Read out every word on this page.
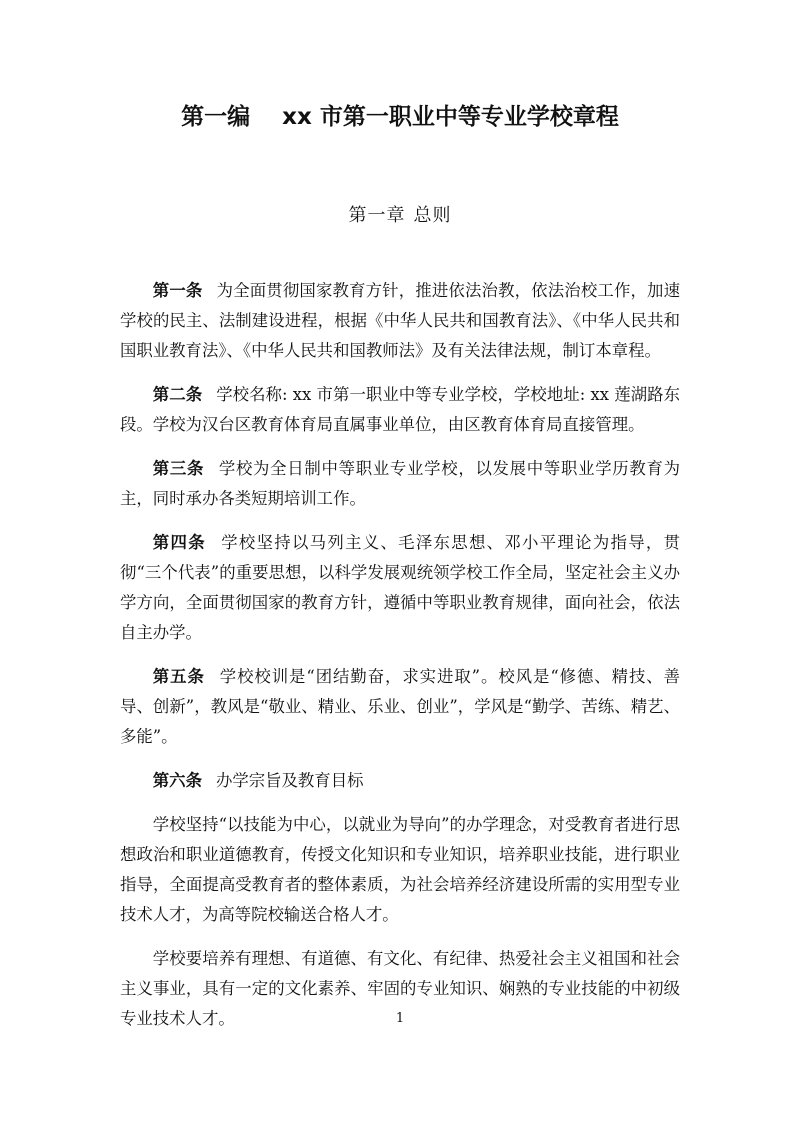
第一编 xx 市第一职业中等专业学校章程
第一章 总则

第一条 为全面贯彻国家教育方针，推进依法治教，依法治校工作，加速学校的民主、法制建设进程，根据《中华人民共和国教育法》、《中华人民共和国职业教育法》、《中华人民共和国教师法》及有关法律法规，制订本章程。

第二条 学校名称: xx 市第一职业中等专业学校，学校地址: xx 莲湖路东段。学校为汉台区教育体育局直属事业单位，由区教育体育局直接管理。

第三条 学校为全日制中等职业专业学校，以发展中等职业学历教育为主，同时承办各类短期培训工作。

第四条 学校坚持以马列主义、毛泽东思想、邓小平理论为指导，贯彻“三个代表”的重要思想，以科学发展观统领学校工作全局，坚定社会主义办学方向，全面贯彻国家的教育方针，遵循中等职业教育规律，面向社会，依法自主办学。

第五条 学校校训是“团结勤奋，求实进取”。校风是“修德、精技、善导、创新”，教风是“敬业、精业、乐业、创业”，学风是“勤学、苦练、精艺、多能”。

第六条 办学宗旨及教育目标

学校坚持“以技能为中心，以就业为导向”的办学理念，对受教育者进行思想政治和职业道德教育，传授文化知识和专业知识，培养职业技能，进行职业指导，全面提高受教育者的整体素质，为社会培养经济建设所需的实用型专业技术人才，为高等院校输送合格人才。

学校要培养有理想、有道德、有文化、有纪律、热爱社会主义祖国和社会主义事业，具有一定的文化素养、牢固的专业知识、娴熟的专业技能的中初级专业技术人才。	1
